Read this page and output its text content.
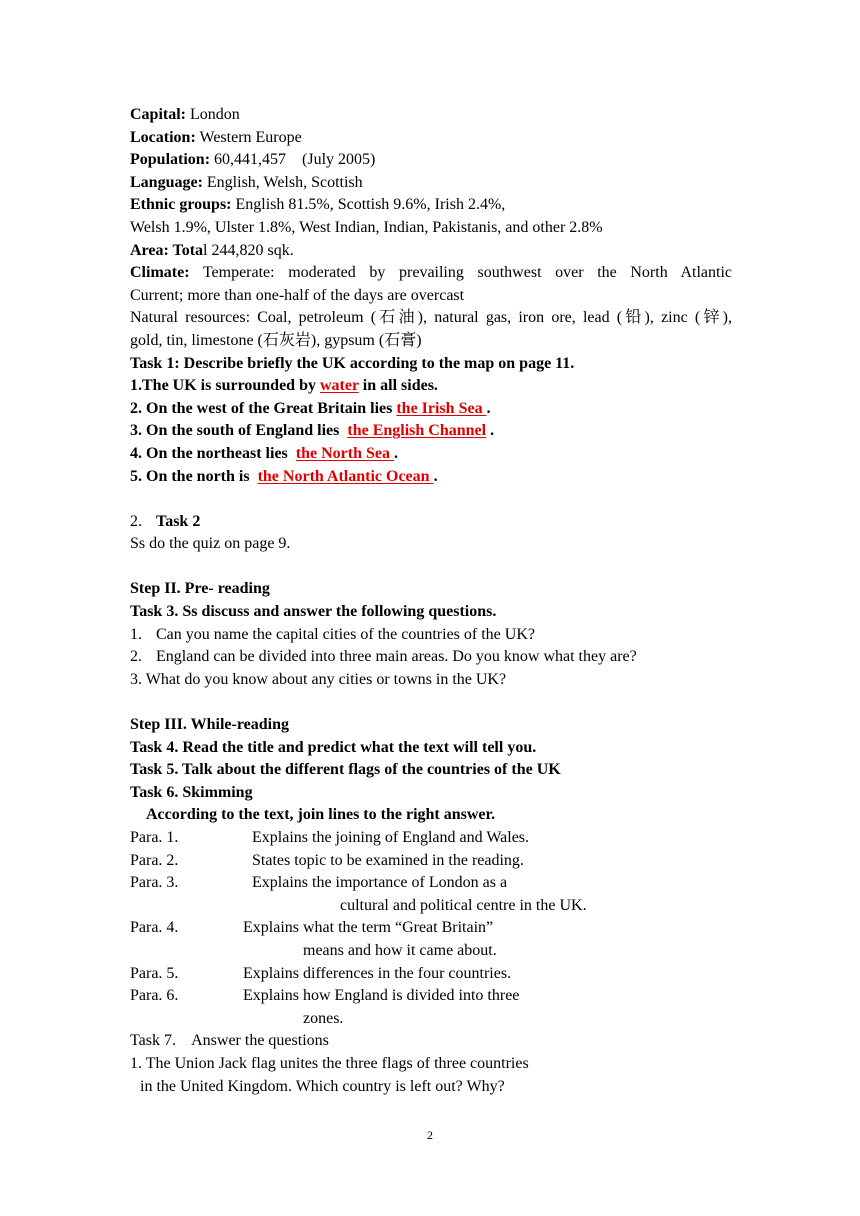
Capital: London
Location: Western Europe
Population: 60,441,457    (July 2005)
Language: English, Welsh, Scottish
Ethnic groups: English 81.5%, Scottish 9.6%, Irish 2.4%,
Welsh 1.9%, Ulster 1.8%, West Indian, Indian, Pakistanis, and other 2.8%
Area: Total 244,820 sqk.
Climate: Temperate: moderated by prevailing southwest over the North Atlantic
Current; more than one-half of the days are overcast
Natural resources: Coal, petroleum (石油), natural gas, iron ore, lead (铅), zinc (锌),
gold, tin, limestone (石灰岩), gypsum (石膏)
Task 1: Describe briefly the UK according to the map on page 11.
1.The UK is surrounded by water in all sides.
2. On the west of the Great Britain lies the Irish Sea .
3. On the south of England lies  the English Channel .
4. On the northeast lies  the North Sea .
5. On the north is  the North Atlantic Ocean .
2. Task 2
Ss do the quiz on page 9.
Step II. Pre- reading
Task 3. Ss discuss and answer the following questions.
1. Can you name the capital cities of the countries of the UK?
2. England can be divided into three main areas. Do you know what they are?
3. What do you know about any cities or towns in the UK?
Step III. While-reading
Task 4. Read the title and predict what the text will tell you.
Task 5. Talk about the different flags of the countries of the UK
Task 6. Skimming
According to the text, join lines to the right answer.
Para. 1.	Explains the joining of England and Wales.
Para. 2.	States topic to be examined in the reading.
Para. 3.	Explains the importance of London as a
cultural and political centre in the UK.
Para. 4.	Explains what the term “Great Britain”
means and how it came about.
Para. 5.	Explains differences in the four countries.
Para. 6.	Explains how England is divided into three
zones.
Task 7.    Answer the questions
1. The Union Jack flag unites the three flags of three countries
in the United Kingdom. Which country is left out? Why?
2
